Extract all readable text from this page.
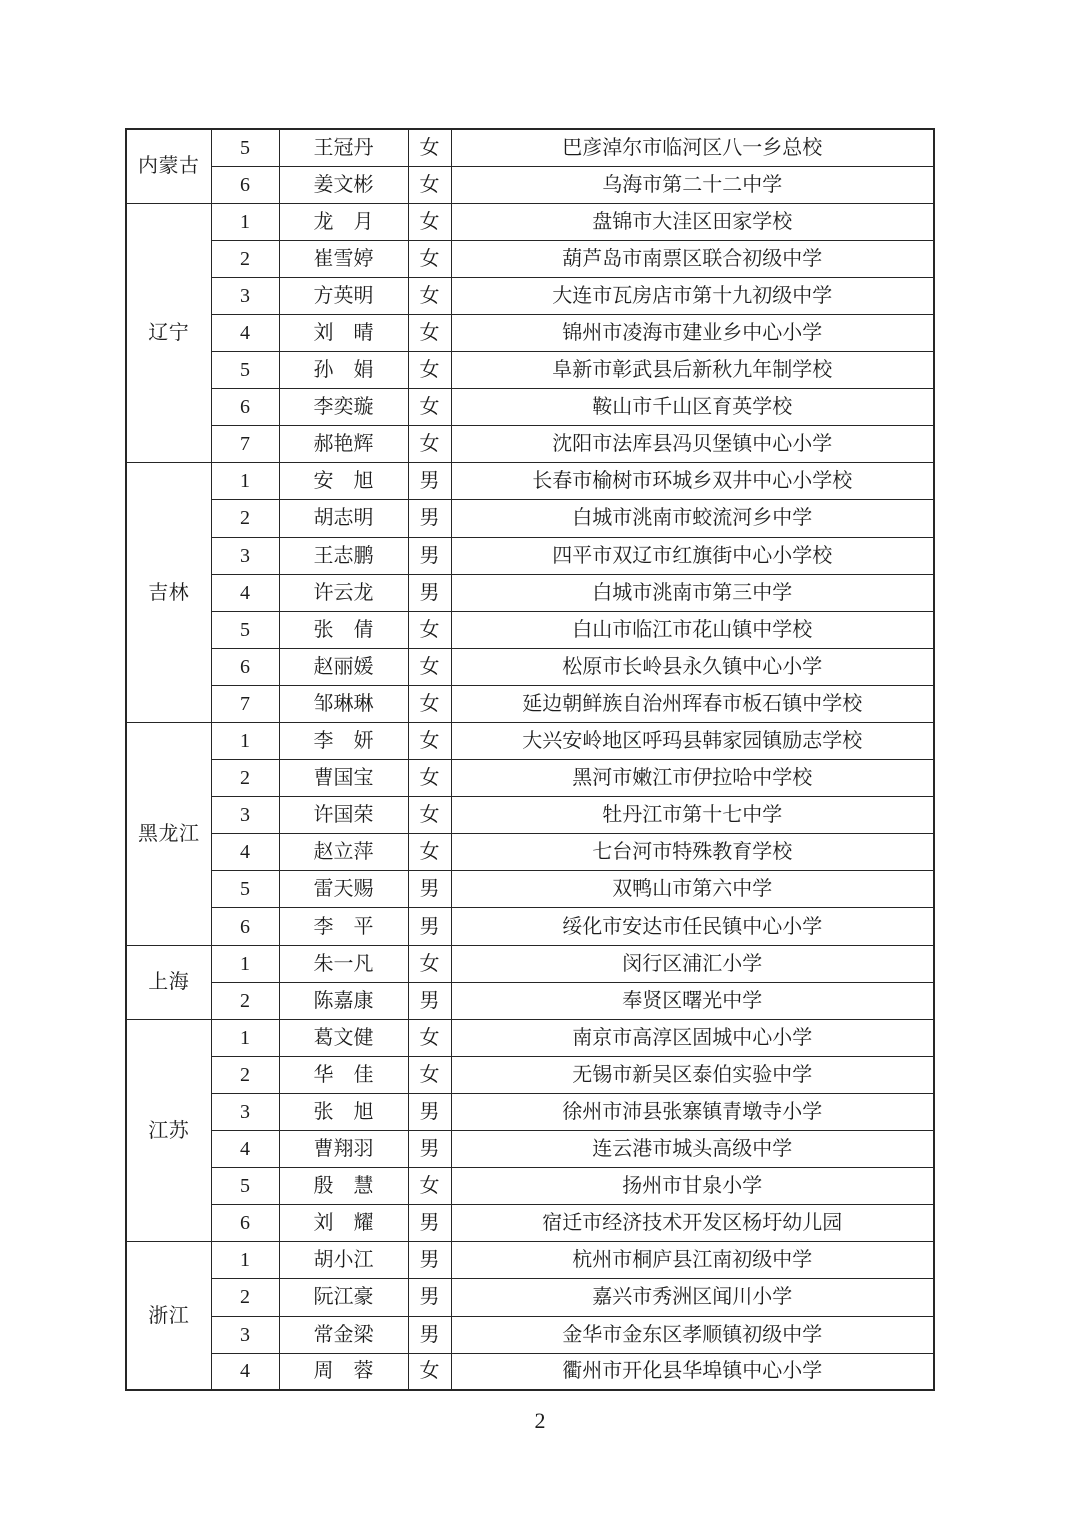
内蒙古	5	王冠丹	女	巴彦淖尔市临河区八一乡总校
	6	姜文彬	女	乌海市第二十二中学
辽宁	1	龙　月	女	盘锦市大洼区田家学校
	2	崔雪婷	女	葫芦岛市南票区联合初级中学
	3	方英明	女	大连市瓦房店市第十九初级中学
	4	刘　晴	女	锦州市凌海市建业乡中心小学
	5	孙　娟	女	阜新市彰武县后新秋九年制学校
	6	李奕璇	女	鞍山市千山区育英学校
	7	郝艳辉	女	沈阳市法库县冯贝堡镇中心小学
吉林	1	安　旭	男	长春市榆树市环城乡双井中心小学校
	2	胡志明	男	白城市洮南市蛟流河乡中学
	3	王志鹏	男	四平市双辽市红旗街中心小学校
	4	许云龙	男	白城市洮南市第三中学
	5	张　倩	女	白山市临江市花山镇中学校
	6	赵丽媛	女	松原市长岭县永久镇中心小学
	7	邹琳琳	女	延边朝鲜族自治州珲春市板石镇中学校
黑龙江	1	李　妍	女	大兴安岭地区呼玛县韩家园镇励志学校
	2	曹国宝	女	黑河市嫩江市伊拉哈中学校
	3	许国荣	女	牡丹江市第十七中学
	4	赵立萍	女	七台河市特殊教育学校
	5	雷天赐	男	双鸭山市第六中学
	6	李　平	男	绥化市安达市任民镇中心小学
上海	1	朱一凡	女	闵行区浦汇小学
	2	陈嘉康	男	奉贤区曙光中学
江苏	1	葛文健	女	南京市高淳区固城中心小学
	2	华　佳	女	无锡市新吴区泰伯实验中学
	3	张　旭	男	徐州市沛县张寨镇青墩寺小学
	4	曹翔羽	男	连云港市城头高级中学
	5	殷　慧	女	扬州市甘泉小学
	6	刘　耀	男	宿迁市经济技术开发区杨圩幼儿园
浙江	1	胡小江	男	杭州市桐庐县江南初级中学
	2	阮江豪	男	嘉兴市秀洲区闻川小学
	3	常金梁	男	金华市金东区孝顺镇初级中学
	4	周　蓉	女	衢州市开化县华埠镇中心小学
2
